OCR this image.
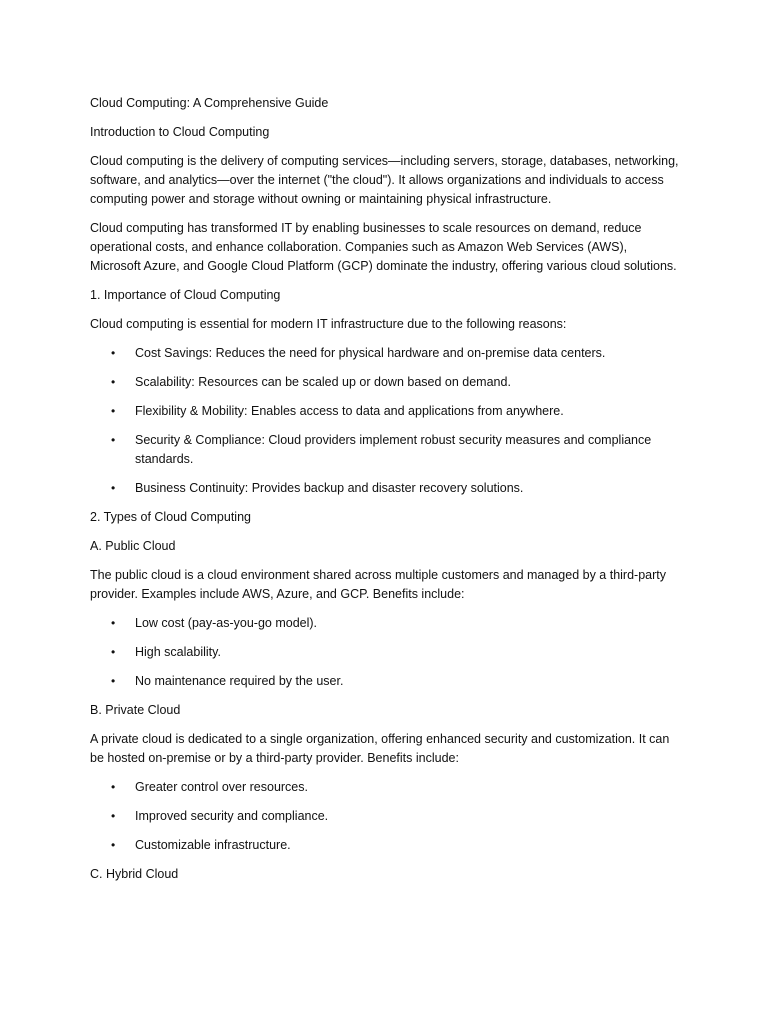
Cloud Computing: A Comprehensive Guide

Introduction to Cloud Computing

Cloud computing is the delivery of computing services—including servers, storage, databases, networking, software, and analytics—over the internet ("the cloud"). It allows organizations and individuals to access computing power and storage without owning or maintaining physical infrastructure.

Cloud computing has transformed IT by enabling businesses to scale resources on demand, reduce operational costs, and enhance collaboration. Companies such as Amazon Web Services (AWS), Microsoft Azure, and Google Cloud Platform (GCP) dominate the industry, offering various cloud solutions.

1. Importance of Cloud Computing

Cloud computing is essential for modern IT infrastructure due to the following reasons:

• Cost Savings: Reduces the need for physical hardware and on-premise data centers.
• Scalability: Resources can be scaled up or down based on demand.
• Flexibility & Mobility: Enables access to data and applications from anywhere.
• Security & Compliance: Cloud providers implement robust security measures and compliance standards.
• Business Continuity: Provides backup and disaster recovery solutions.

2. Types of Cloud Computing

A. Public Cloud

The public cloud is a cloud environment shared across multiple customers and managed by a third-party provider. Examples include AWS, Azure, and GCP. Benefits include:

• Low cost (pay-as-you-go model).
• High scalability.
• No maintenance required by the user.

B. Private Cloud

A private cloud is dedicated to a single organization, offering enhanced security and customization. It can be hosted on-premise or by a third-party provider. Benefits include:

• Greater control over resources.
• Improved security and compliance.
• Customizable infrastructure.

C. Hybrid Cloud
